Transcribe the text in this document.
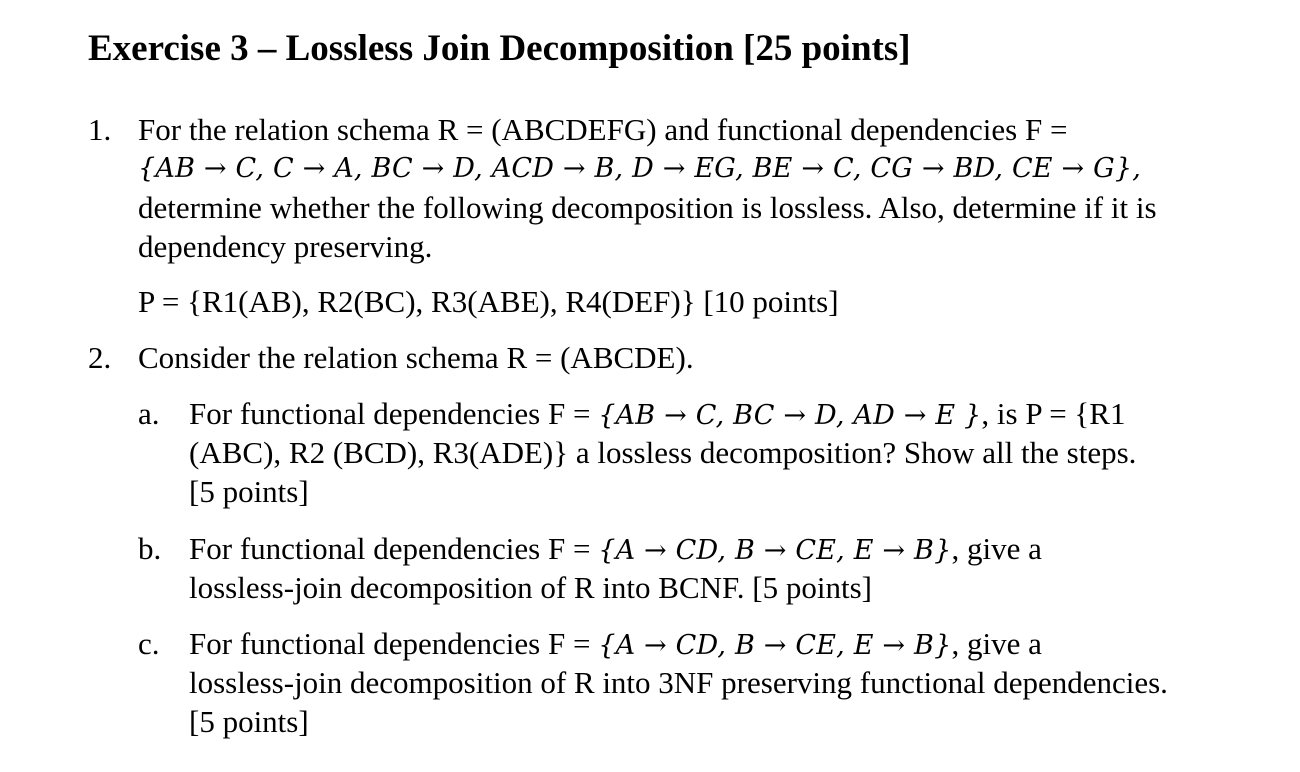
Exercise 3 – Lossless Join Decomposition [25 points]
1. For the relation schema R = (ABCDEFG) and functional dependencies F =
{AB → C, C → A, BC → D, ACD → B, D → EG, BE → C, CG → BD, CE → G},
determine whether the following decomposition is lossless. Also, determine if it is
dependency preserving.
P = {R1(AB), R2(BC), R3(ABE), R4(DEF)} [10 points]
2. Consider the relation schema R = (ABCDE).
a. For functional dependencies F = {AB → C, BC → D, AD → E }, is P = {R1
(ABC), R2 (BCD), R3(ADE)} a lossless decomposition? Show all the steps.
[5 points]
b. For functional dependencies F = {A → CD, B → CE, E → B}, give a
lossless-join decomposition of R into BCNF. [5 points]
c. For functional dependencies F = {A → CD, B → CE, E → B}, give a
lossless-join decomposition of R into 3NF preserving functional dependencies.
[5 points]
